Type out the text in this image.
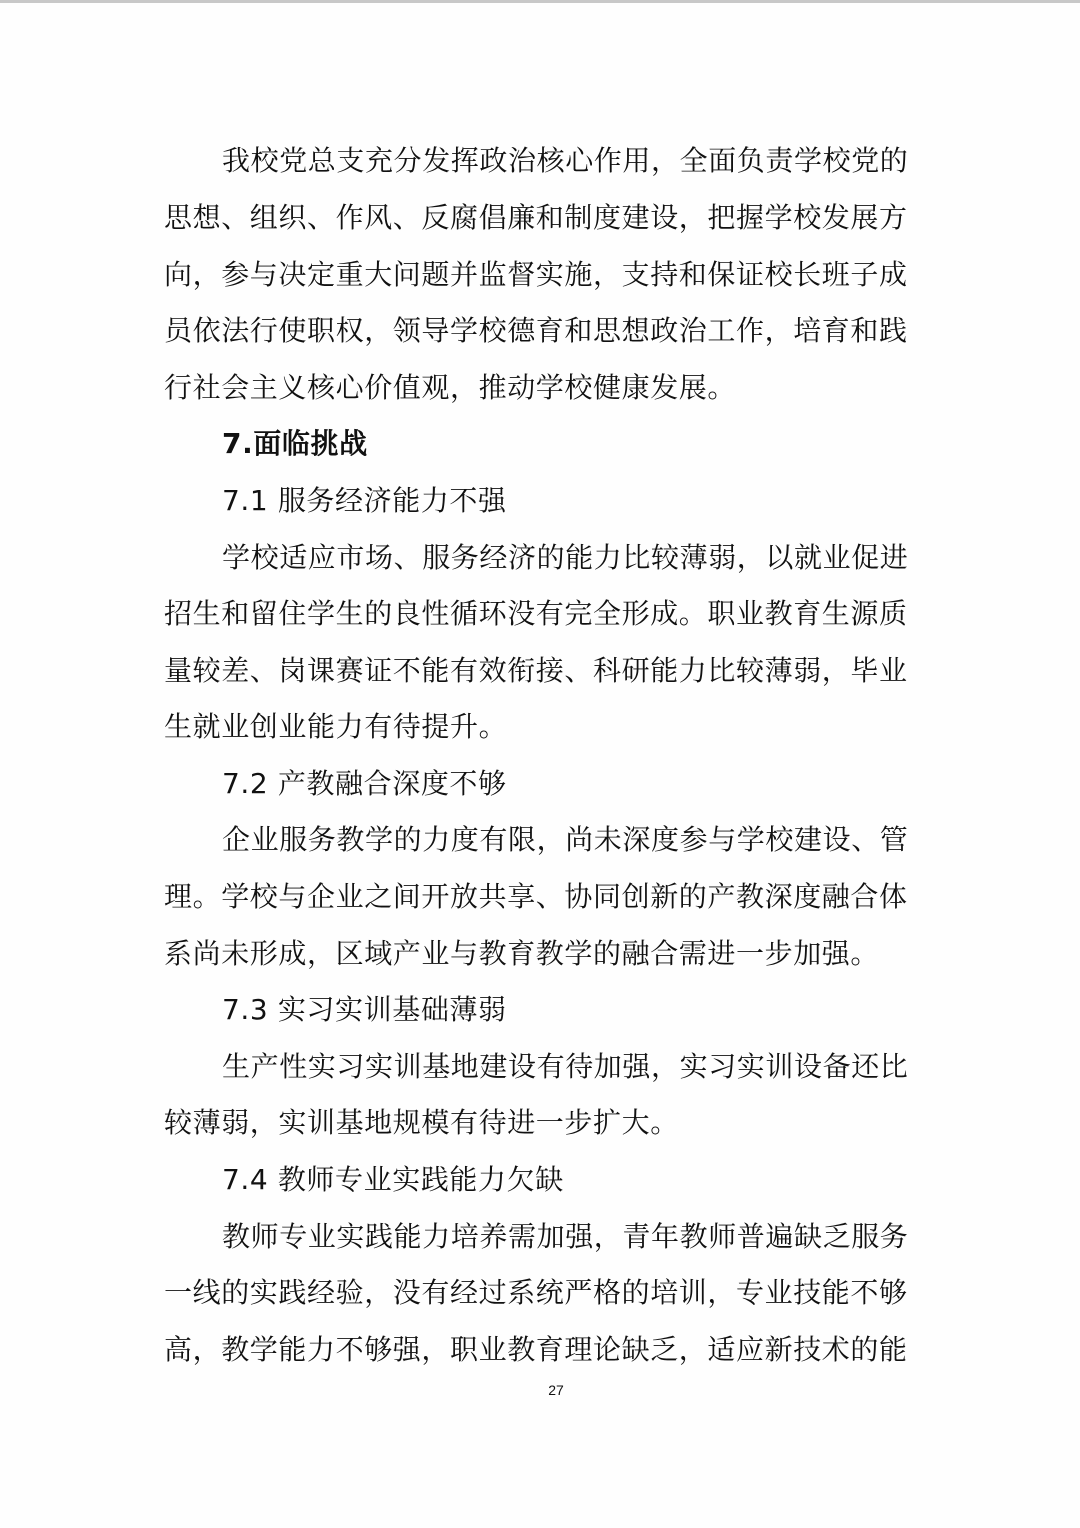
我校党总支充分发挥政治核心作用，全面负责学校党的
思想、组织、作风、反腐倡廉和制度建设，把握学校发展方
向，参与决定重大问题并监督实施，支持和保证校长班子成
员依法行使职权，领导学校德育和思想政治工作，培育和践
行社会主义核心价值观，推动学校健康发展。
7.面临挑战
7.1 服务经济能力不强
学校适应市场、服务经济的能力比较薄弱，以就业促进
招生和留住学生的良性循环没有完全形成。职业教育生源质
量较差、岗课赛证不能有效衔接、科研能力比较薄弱，毕业
生就业创业能力有待提升。
7.2 产教融合深度不够
企业服务教学的力度有限，尚未深度参与学校建设、管
理。学校与企业之间开放共享、协同创新的产教深度融合体
系尚未形成，区域产业与教育教学的融合需进一步加强。
7.3 实习实训基础薄弱
生产性实习实训基地建设有待加强，实习实训设备还比
较薄弱，实训基地规模有待进一步扩大。
7.4 教师专业实践能力欠缺
教师专业实践能力培养需加强，青年教师普遍缺乏服务
一线的实践经验，没有经过系统严格的培训，专业技能不够
高，教学能力不够强，职业教育理论缺乏，适应新技术的能
27
